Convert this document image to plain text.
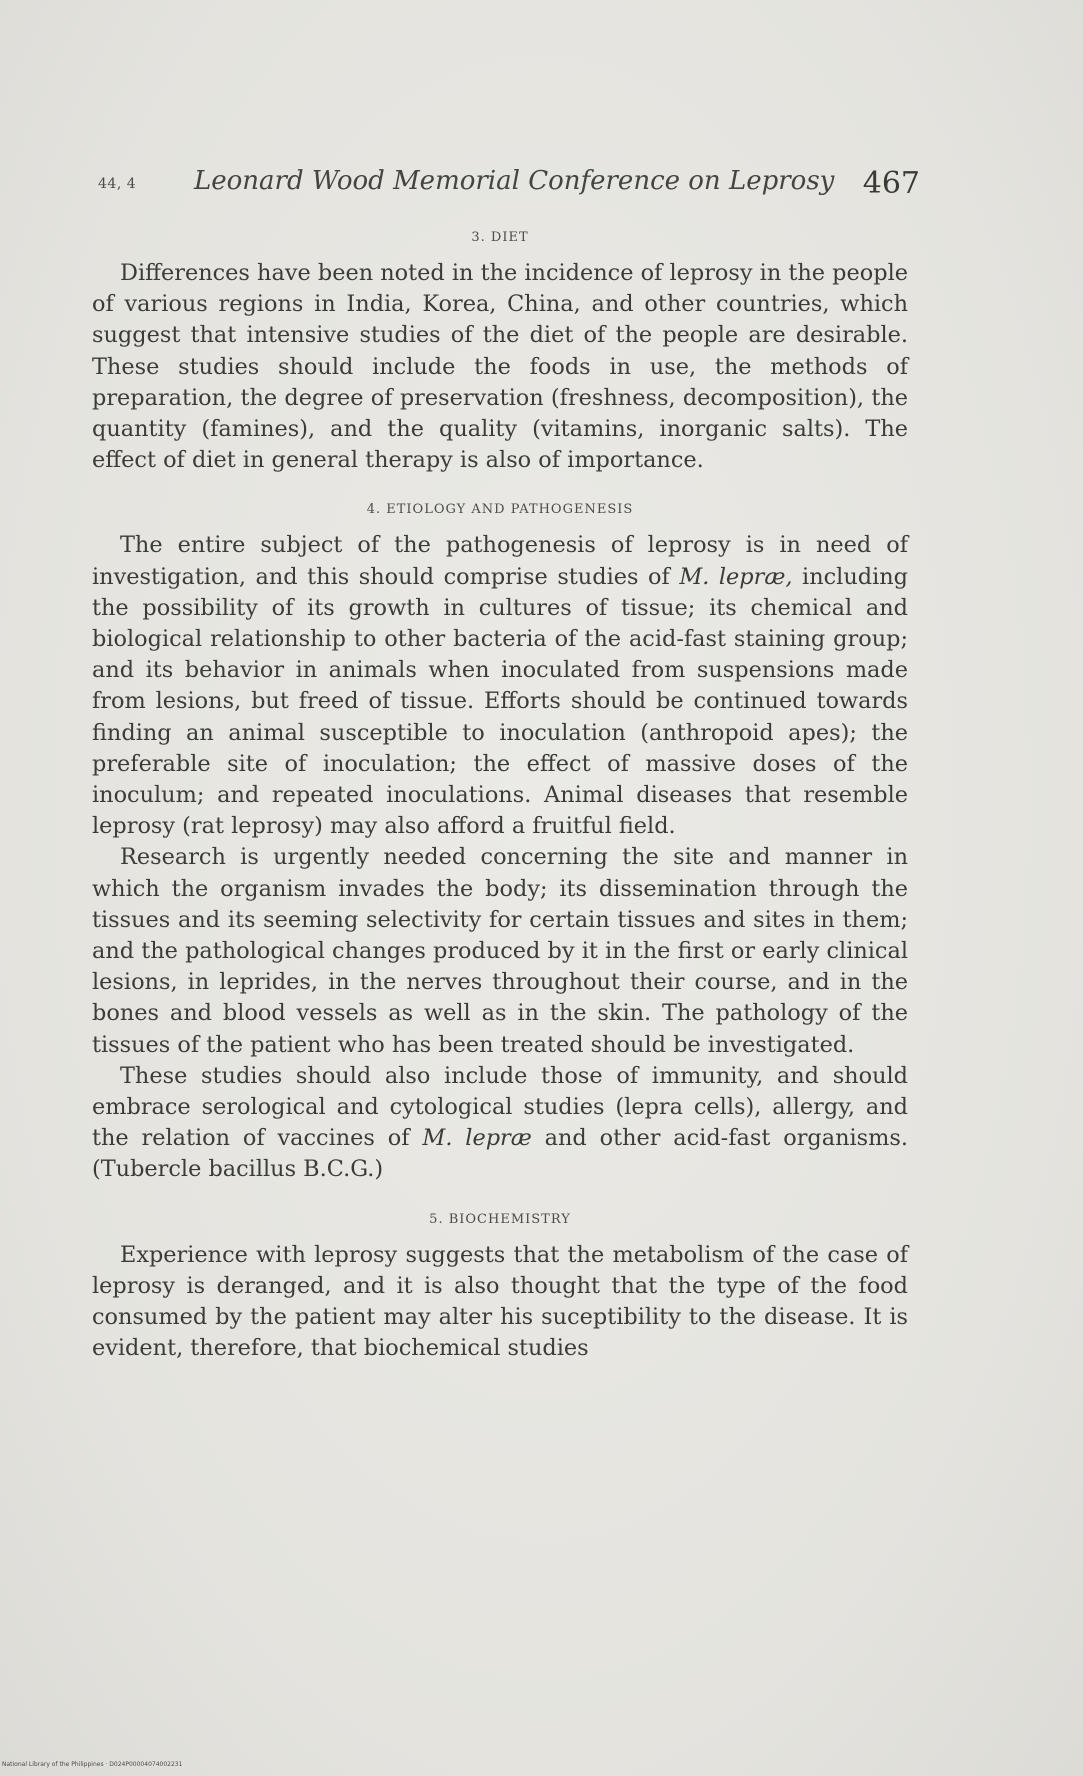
44, 4 Leonard Wood Memorial Conference on Leprosy 467
3. DIET

Differences have been noted in the incidence of leprosy in the people of various regions in India, Korea, China, and other countries, which suggest that intensive studies of the diet of the people are desirable. These studies should include the foods in use, the methods of preparation, the degree of preservation (freshness, decomposition), the quantity (famines), and the quality (vitamins, inorganic salts). The effect of diet in general therapy is also of importance.

4. ETIOLOGY AND PATHOGENESIS

The entire subject of the pathogenesis of leprosy is in need of investigation, and this should comprise studies of M. lepræ, including the possibility of its growth in cultures of tissue; its chemical and biological relationship to other bacteria of the acid-fast staining group; and its behavior in animals when inoculated from suspensions made from lesions, but freed of tissue. Efforts should be continued towards finding an animal susceptible to inoculation (anthropoid apes); the preferable site of inoculation; the effect of massive doses of the inoculum; and repeated inoculations. Animal diseases that resemble leprosy (rat leprosy) may also afford a fruitful field.

Research is urgently needed concerning the site and manner in which the organism invades the body; its dissemination through the tissues and its seeming selectivity for certain tissues and sites in them; and the pathological changes produced by it in the first or early clinical lesions, in leprides, in the nerves throughout their course, and in the bones and blood vessels as well as in the skin. The pathology of the tissues of the patient who has been treated should be investigated.

These studies should also include those of immunity, and should embrace serological and cytological studies (lepra cells), allergy, and the relation of vaccines of M. lepræ and other acid-fast organisms. (Tubercle bacillus B.C.G.)

5. BIOCHEMISTRY

Experience with leprosy suggests that the metabolism of the case of leprosy is deranged, and it is also thought that the type of the food consumed by the patient may alter his suceptibility to the disease. It is evident, therefore, that biochemical studies

National Library of the Philippines · D024P00004074002231
